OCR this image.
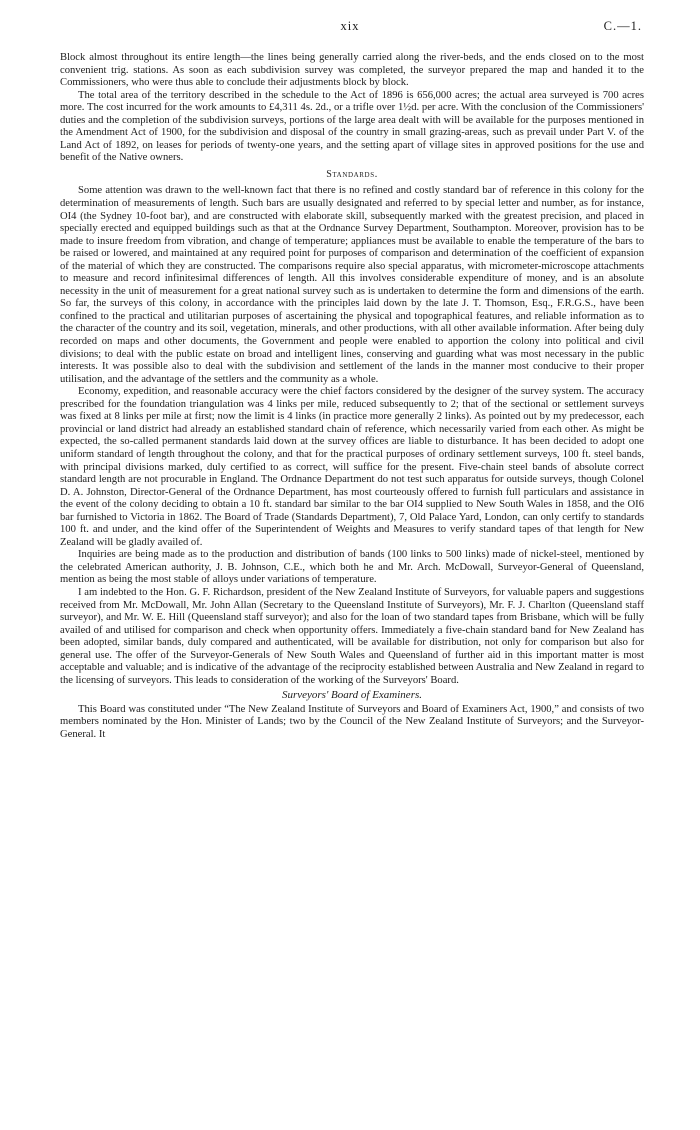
xix	C.—1.

Block almost throughout its entire length—the lines being generally carried along the river-beds, and the ends closed on to the most convenient trig. stations. As soon as each subdivision survey was completed, the surveyor prepared the map and handed it to the Commissioners, who were thus able to conclude their adjustments block by block.

The total area of the territory described in the schedule to the Act of 1896 is 656,000 acres; the actual area surveyed is 700 acres more. The cost incurred for the work amounts to £4,311 4s. 2d., or a trifle over 1½d. per acre. With the conclusion of the Commissioners' duties and the completion of the subdivision surveys, portions of the large area dealt with will be available for the purposes mentioned in the Amendment Act of 1900, for the subdivision and disposal of the country in small grazing-areas, such as prevail under Part V. of the Land Act of 1892, on leases for periods of twenty-one years, and the setting apart of village sites in approved positions for the use and benefit of the Native owners.

Standards.

Some attention was drawn to the well-known fact that there is no refined and costly standard bar of reference in this colony for the determination of measurements of length. Such bars are usually designated and referred to by special letter and number, as for instance, OI4 (the Sydney 10-foot bar), and are constructed with elaborate skill, subsequently marked with the greatest precision, and placed in specially erected and equipped buildings such as that at the Ordnance Survey Department, Southampton. Moreover, provision has to be made to insure freedom from vibration, and change of temperature; appliances must be available to enable the temperature of the bars to be raised or lowered, and maintained at any required point for purposes of comparison and determination of the coefficient of expansion of the material of which they are constructed. The comparisons require also special apparatus, with micrometer-microscope attachments to measure and record infinitesimal differences of length. All this involves considerable expenditure of money, and is an absolute necessity in the unit of measurement for a great national survey such as is undertaken to determine the form and dimensions of the earth. So far, the surveys of this colony, in accordance with the principles laid down by the late J. T. Thomson, Esq., F.R.G.S., have been confined to the practical and utilitarian purposes of ascertaining the physical and topographical features, and reliable information as to the character of the country and its soil, vegetation, minerals, and other productions, with all other available information. After being duly recorded on maps and other documents, the Government and people were enabled to apportion the colony into political and civil divisions; to deal with the public estate on broad and intelligent lines, conserving and guarding what was most necessary in the public interests. It was possible also to deal with the subdivision and settlement of the lands in the manner most conducive to their proper utilisation, and the advantage of the settlers and the community as a whole.

Economy, expedition, and reasonable accuracy were the chief factors considered by the designer of the survey system. The accuracy prescribed for the foundation triangulation was 4 links per mile, reduced subsequently to 2; that of the sectional or settlement surveys was fixed at 8 links per mile at first; now the limit is 4 links (in practice more generally 2 links). As pointed out by my predecessor, each provincial or land district had already an established standard chain of reference, which necessarily varied from each other. As might be expected, the so-called permanent standards laid down at the survey offices are liable to disturbance. It has been decided to adopt one uniform standard of length throughout the colony, and that for the practical purposes of ordinary settlement surveys, 100 ft. steel bands, with principal divisions marked, duly certified to as correct, will suffice for the present. Five-chain steel bands of absolute correct standard length are not procurable in England. The Ordnance Department do not test such apparatus for outside surveys, though Colonel D. A. Johnston, Director-General of the Ordnance Department, has most courteously offered to furnish full particulars and assistance in the event of the colony deciding to obtain a 10 ft. standard bar similar to the bar OI4 supplied to New South Wales in 1858, and the OI6 bar furnished to Victoria in 1862. The Board of Trade (Standards Department), 7, Old Palace Yard, London, can only certify to standards 100 ft. and under, and the kind offer of the Superintendent of Weights and Measures to verify standard tapes of that length for New Zealand will be gladly availed of.

Inquiries are being made as to the production and distribution of bands (100 links to 500 links) made of nickel-steel, mentioned by the celebrated American authority, J. B. Johnson, C.E., which both he and Mr. Arch. McDowall, Surveyor-General of Queensland, mention as being the most stable of alloys under variations of temperature.

I am indebted to the Hon. G. F. Richardson, president of the New Zealand Institute of Surveyors, for valuable papers and suggestions received from Mr. McDowall, Mr. John Allan (Secretary to the Queensland Institute of Surveyors), Mr. F. J. Charlton (Queensland staff surveyor), and Mr. W. E. Hill (Queensland staff surveyor); and also for the loan of two standard tapes from Brisbane, which will be fully availed of and utilised for comparison and check when opportunity offers. Immediately a five-chain standard band for New Zealand has been adopted, similar bands, duly compared and authenticated, will be available for distribution, not only for comparison but also for general use. The offer of the Surveyor-Generals of New South Wales and Queensland of further aid in this important matter is most acceptable and valuable; and is indicative of the advantage of the reciprocity established between Australia and New Zealand in regard to the licensing of surveyors. This leads to consideration of the working of the Surveyors' Board.

Surveyors' Board of Examiners.

This Board was constituted under “The New Zealand Institute of Surveyors and Board of Examiners Act, 1900,” and consists of two members nominated by the Hon. Minister of Lands; two by the Council of the New Zealand Institute of Surveyors; and the Surveyor-General. It
